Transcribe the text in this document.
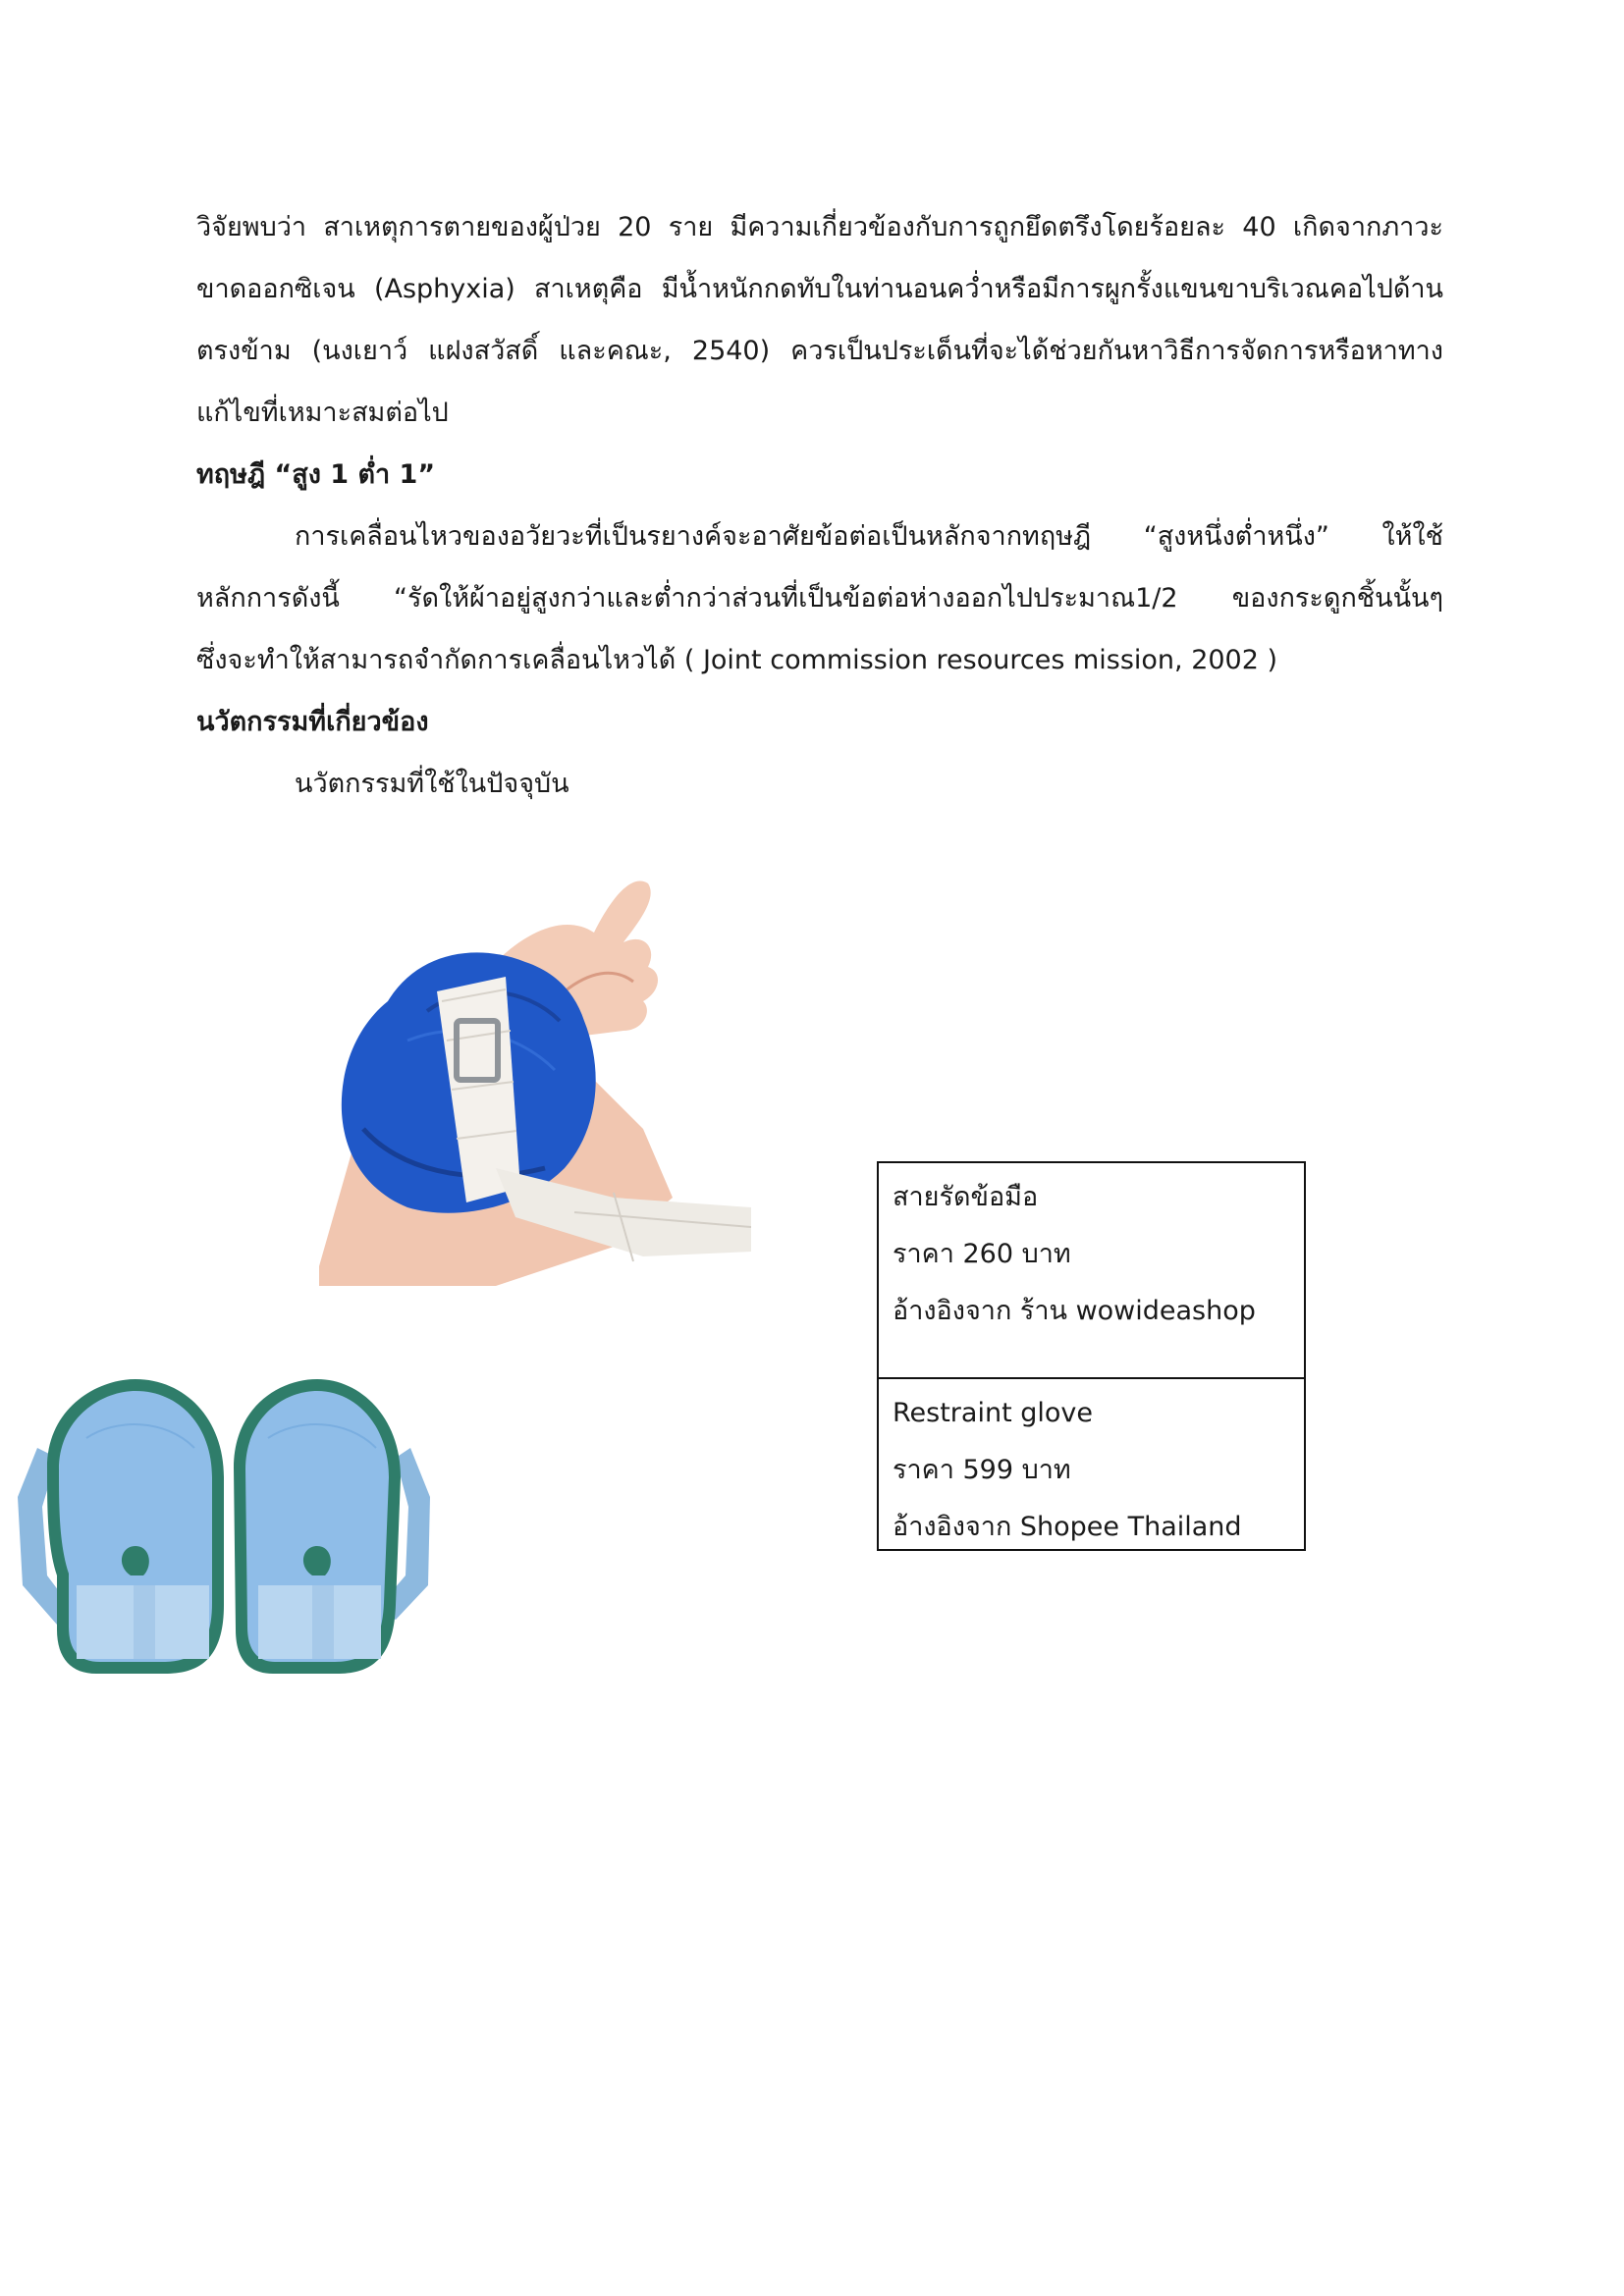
วิจัยพบว่า สาเหตุการตายของผู้ป่วย 20 ราย มีความเกี่ยวข้องกับการถูกยึดตรึงโดยร้อยละ 40 เกิดจากภาวะ
ขาดออกซิเจน (Asphyxia) สาเหตุคือ มีน้ำหนักกดทับในท่านอนคว่ำหรือมีการผูกรั้งแขนขาบริเวณคอไปด้าน
ตรงข้าม (นงเยาว์ แฝงสวัสดิ์ และคณะ, 2540) ควรเป็นประเด็นที่จะได้ช่วยกันหาวิธีการจัดการหรือหาทาง
แก้ไขที่เหมาะสมต่อไป
ทฤษฎี “สูง 1 ต่ำ 1”
การเคลื่อนไหวของอวัยวะที่เป็นรยางค์จะอาศัยข้อต่อเป็นหลักจากทฤษฎี “สูงหนึ่งต่ำหนึ่ง” ให้ใช้
หลักการดังนี้ “รัดให้ผ้าอยู่สูงกว่าและต่ำกว่าส่วนที่เป็นข้อต่อห่างออกไปประมาณ1/2 ของกระดูกชิ้นนั้นๆ
ซึ่งจะทำให้สามารถจำกัดการเคลื่อนไหวได้ ( Joint commission resources mission, 2002 )
นวัตกรรมที่เกี่ยวข้อง
นวัตกรรมที่ใช้ในปัจจุบัน
สายรัดข้อมือ
ราคา 260 บาท
อ้างอิงจาก ร้าน wowideashop
Restraint glove
ราคา 599 บาท
อ้างอิงจาก Shopee Thailand
